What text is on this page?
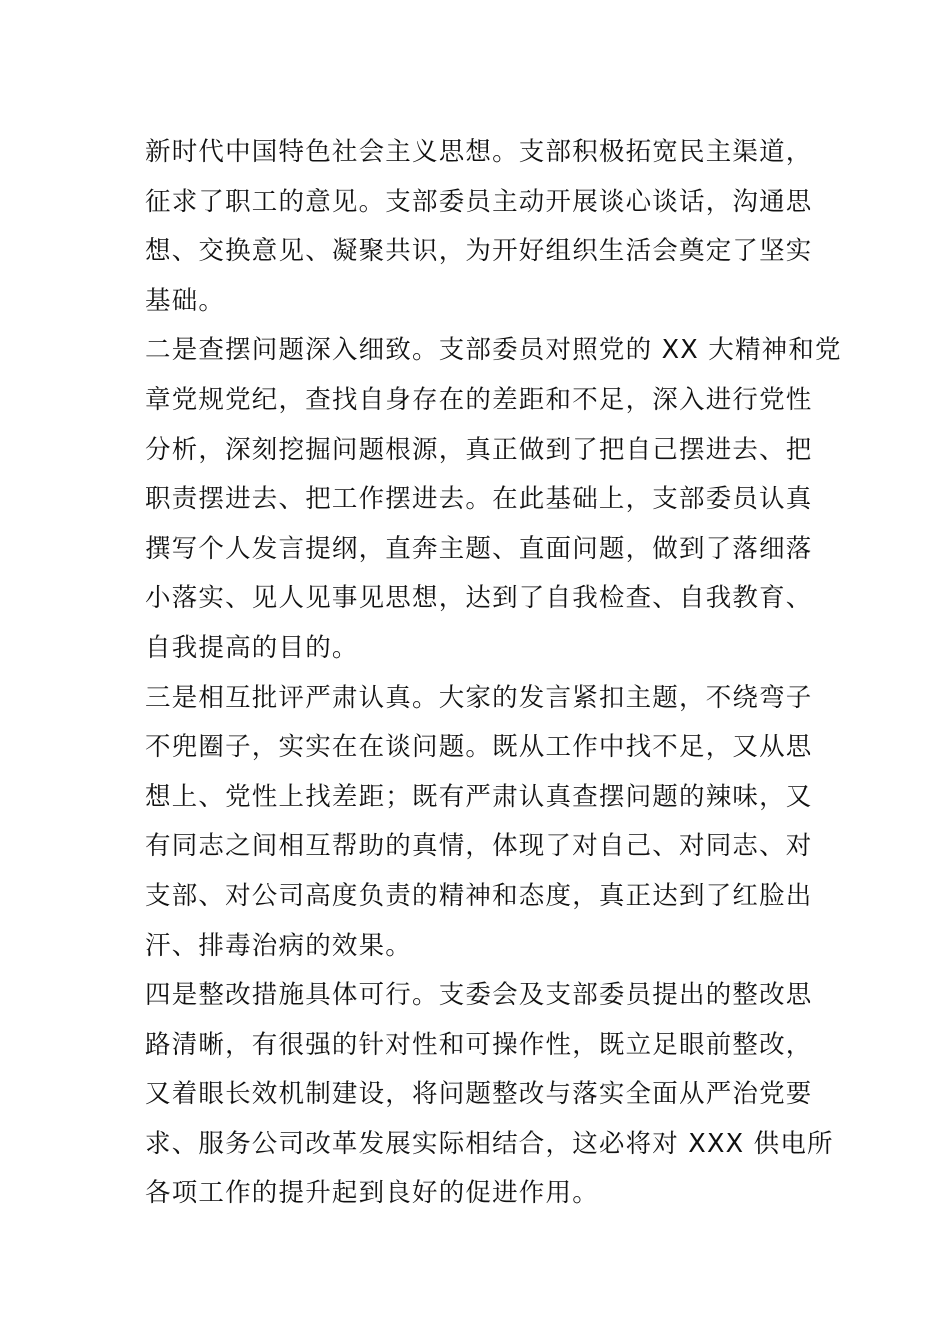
新时代中国特色社会主义思想。支部积极拓宽民主渠道，
征求了职工的意见。支部委员主动开展谈心谈话，沟通思
想、交换意见、凝聚共识，为开好组织生活会奠定了坚实
基础。
二是查摆问题深入细致。支部委员对照党的 XX 大精神和党
章党规党纪，查找自身存在的差距和不足，深入进行党性
分析，深刻挖掘问题根源，真正做到了把自己摆进去、把
职责摆进去、把工作摆进去。在此基础上，支部委员认真
撰写个人发言提纲，直奔主题、直面问题，做到了落细落
小落实、见人见事见思想，达到了自我检查、自我教育、
自我提高的目的。
三是相互批评严肃认真。大家的发言紧扣主题，不绕弯子
不兜圈子，实实在在谈问题。既从工作中找不足，又从思
想上、党性上找差距；既有严肃认真查摆问题的辣味，又
有同志之间相互帮助的真情，体现了对自己、对同志、对
支部、对公司高度负责的精神和态度，真正达到了红脸出
汗、排毒治病的效果。
四是整改措施具体可行。支委会及支部委员提出的整改思
路清晰，有很强的针对性和可操作性，既立足眼前整改，
又着眼长效机制建设，将问题整改与落实全面从严治党要
求、服务公司改革发展实际相结合，这必将对 XXX 供电所
各项工作的提升起到良好的促进作用。
